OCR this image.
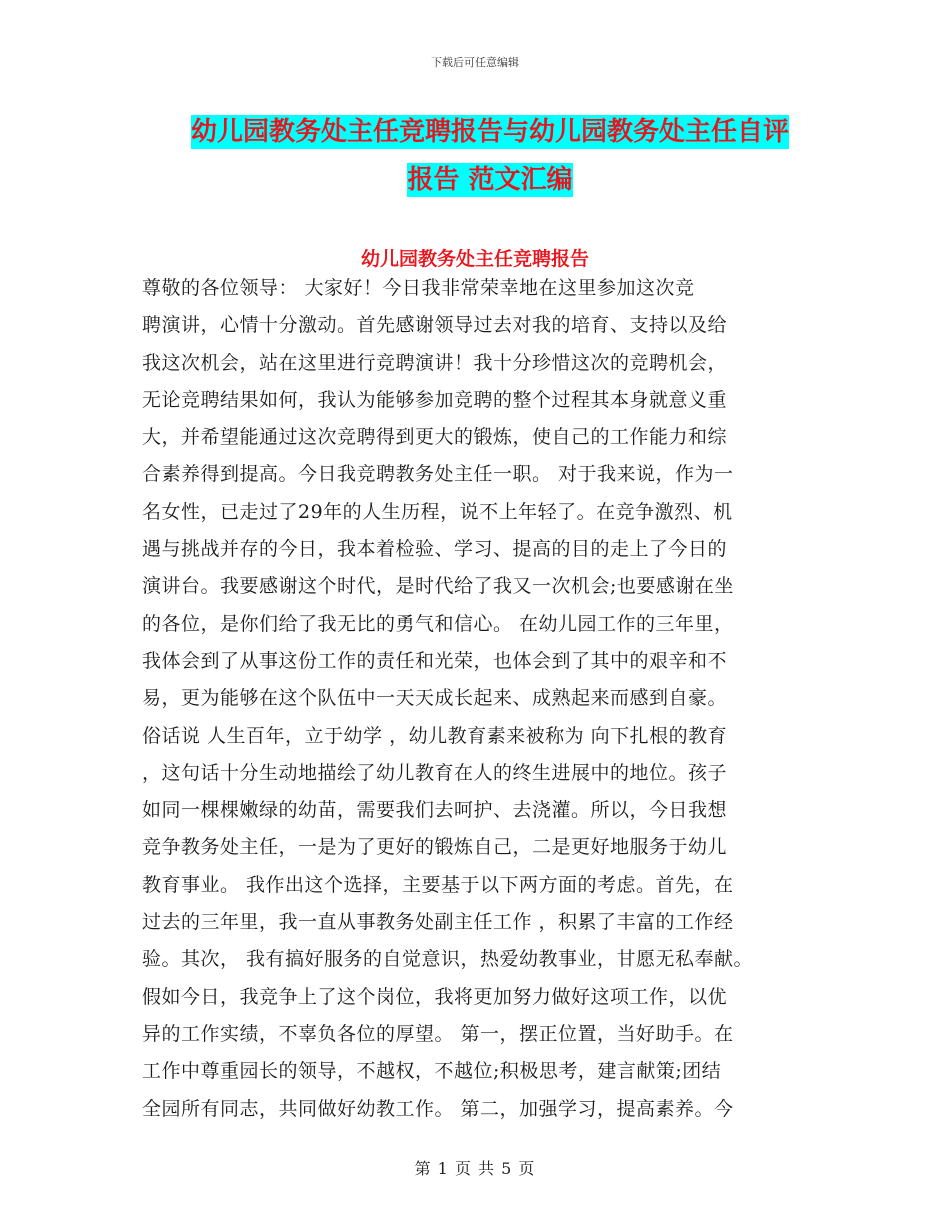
下载后可任意编辑
幼儿园教务处主任竞聘报告与幼儿园教务处主任自评
报告 范文汇编
幼儿园教务处主任竞聘报告
尊敬的各位领导： 大家好！今日我非常荣幸地在这里参加这次竞
聘演讲，心情十分激动。首先感谢领导过去对我的培育、支持以及给
我这次机会，站在这里进行竞聘演讲！我十分珍惜这次的竞聘机会，
无论竞聘结果如何，我认为能够参加竞聘的整个过程其本身就意义重
大，并希望能通过这次竞聘得到更大的锻炼，使自己的工作能力和综
合素养得到提高。今日我竞聘教务处主任一职。 对于我来说，作为一
名女性，已走过了29年的人生历程，说不上年轻了。在竞争激烈、机
遇与挑战并存的今日，我本着检验、学习、提高的目的走上了今日的
演讲台。我要感谢这个时代，是时代给了我又一次机会;也要感谢在坐
的各位，是你们给了我无比的勇气和信心。 在幼儿园工作的三年里，
我体会到了从事这份工作的责任和光荣，也体会到了其中的艰辛和不
易，更为能够在这个队伍中一天天成长起来、成熟起来而感到自豪。
俗话说 人生百年，立于幼学 ，幼儿教育素来被称为 向下扎根的教育
，这句话十分生动地描绘了幼儿教育在人的终生进展中的地位。孩子
如同一棵棵嫩绿的幼苗，需要我们去呵护、去浇灌。所以，今日我想
竞争教务处主任，一是为了更好的锻炼自己，二是更好地服务于幼儿
教育事业。 我作出这个选择，主要基于以下两方面的考虑。首先，在
过去的三年里，我一直从事教务处副主任工作 ，积累了丰富的工作经
验。其次， 我有搞好服务的自觉意识，热爱幼教事业，甘愿无私奉献。
假如今日，我竞争上了这个岗位，我将更加努力做好这项工作，以优
异的工作实绩，不辜负各位的厚望。 第一，摆正位置，当好助手。在
工作中尊重园长的领导，不越权，不越位;积极思考，建言献策;团结
全园所有同志，共同做好幼教工作。 第二，加强学习，提高素养。今
第 1 页 共 5 页
